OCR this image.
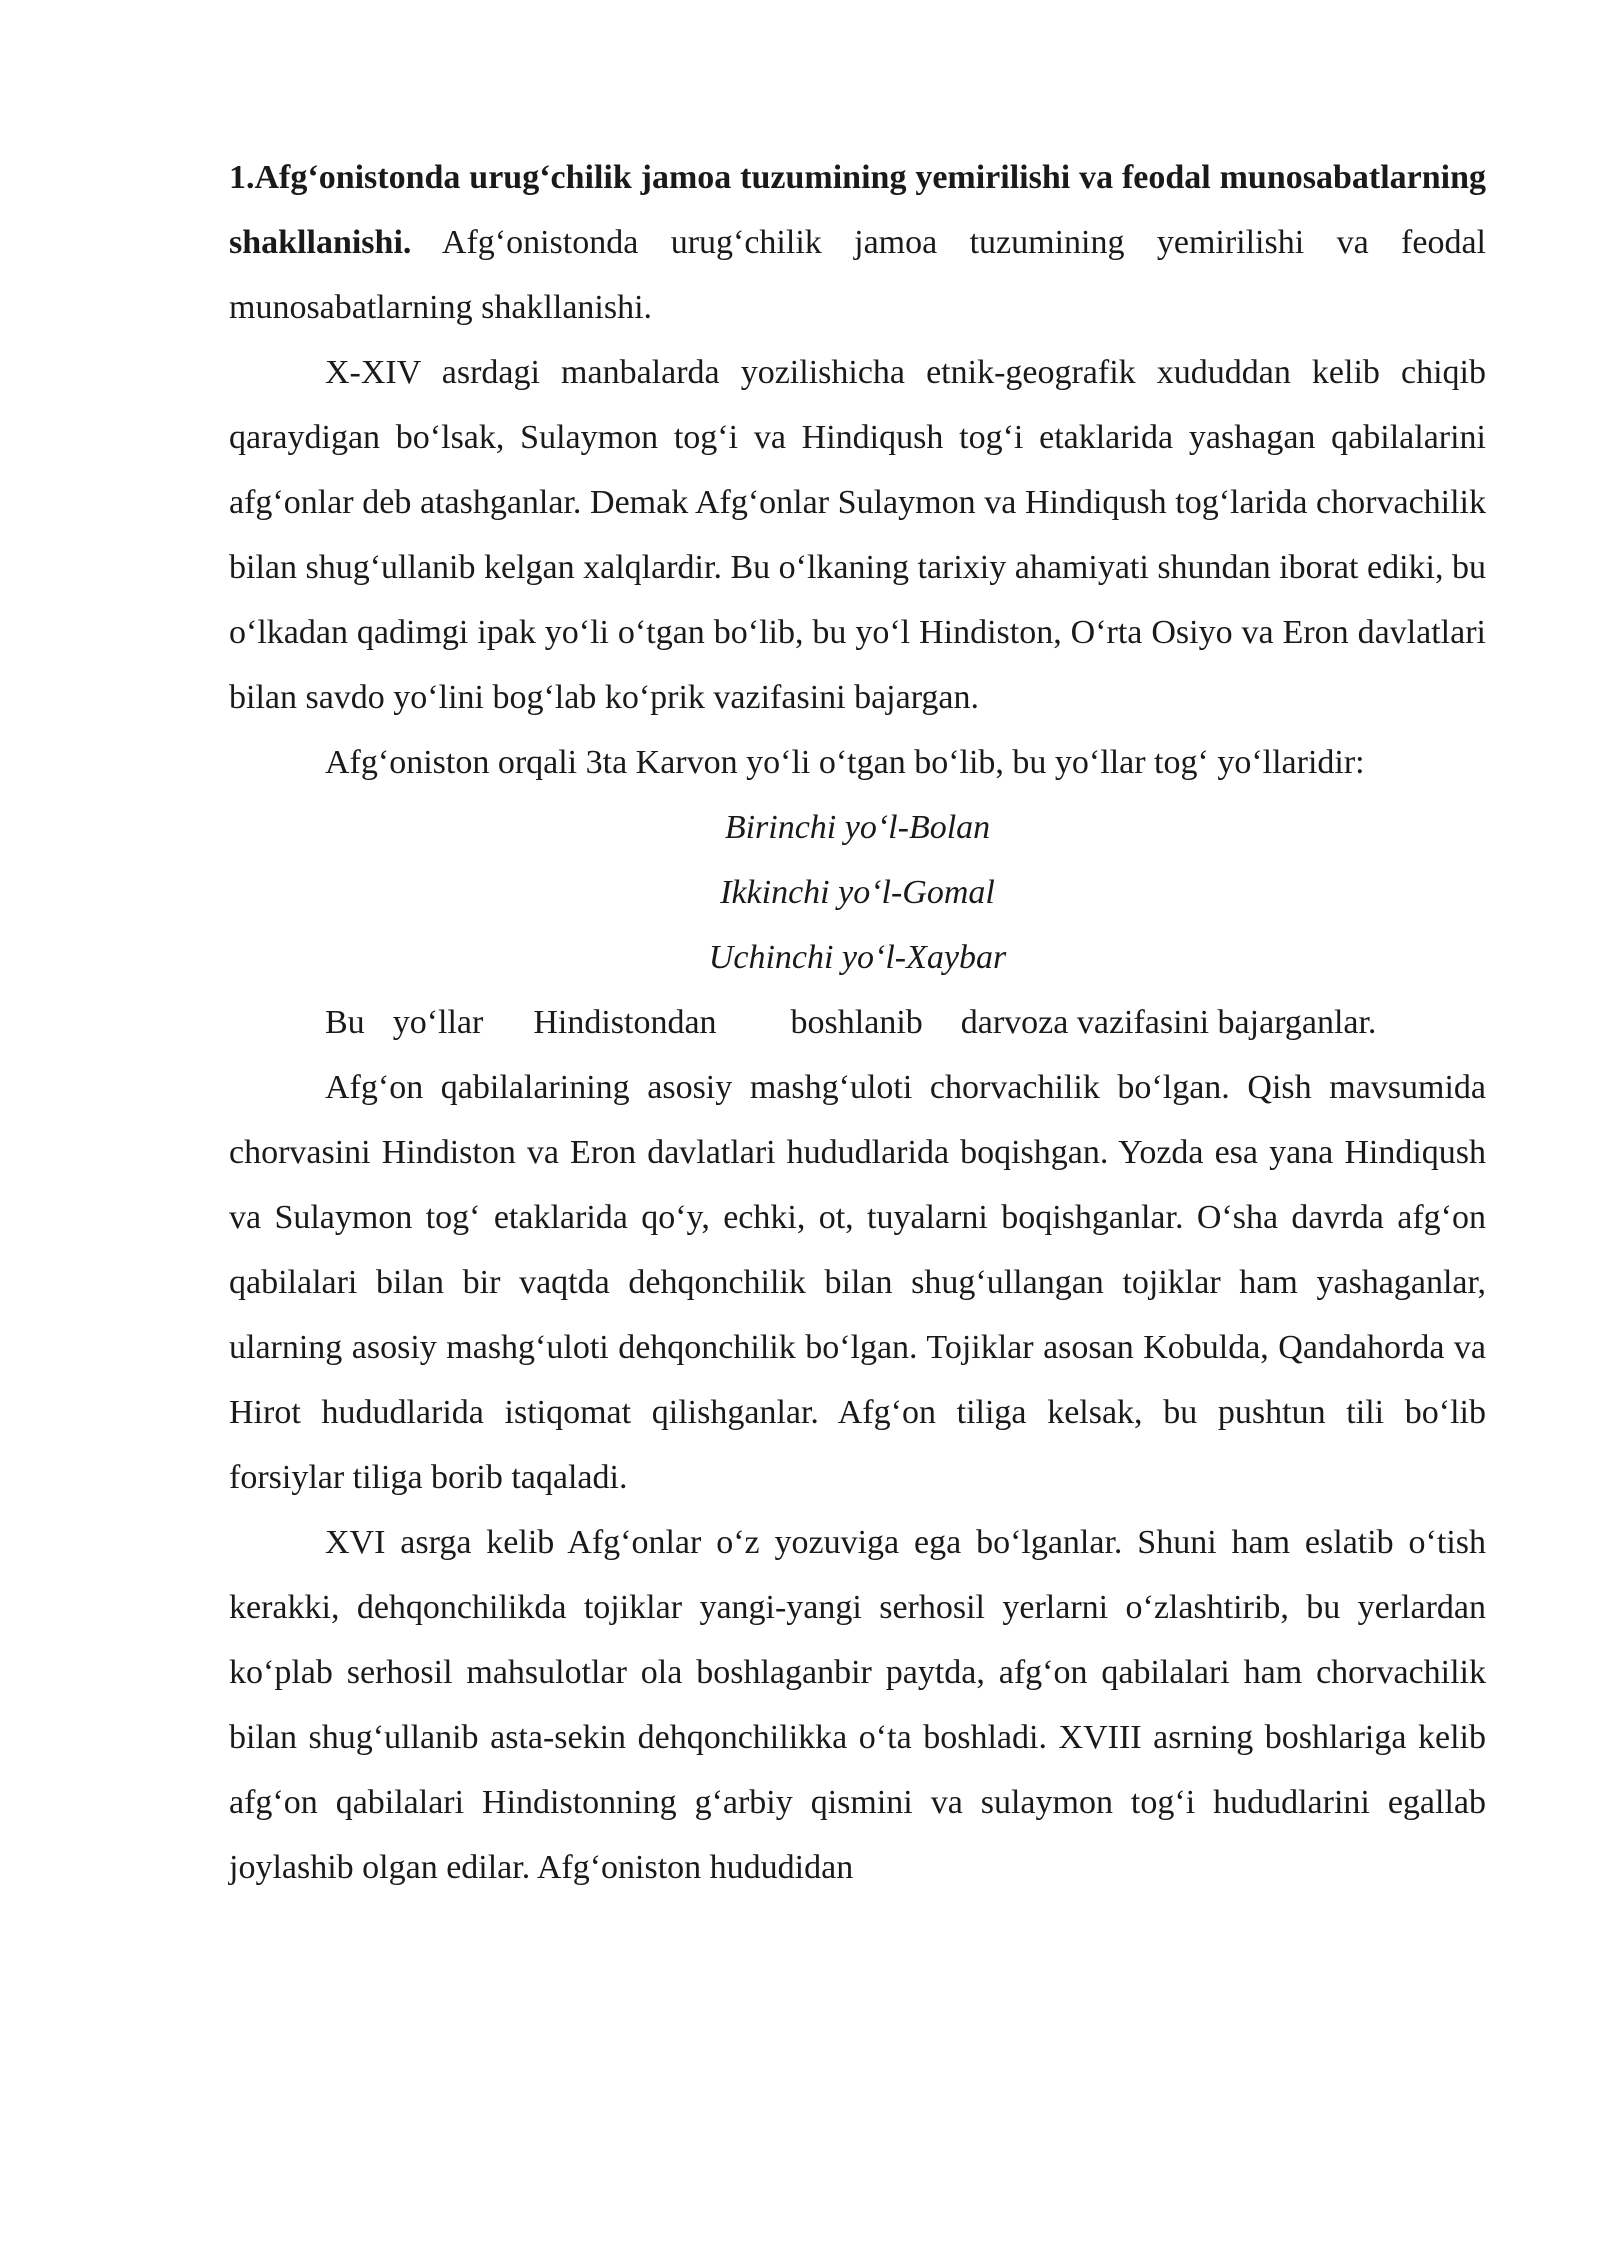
1.Afg‘onistonda urug‘chilik jamoa tuzumining yemirilishi va feodal munosabatlarning shakllanishi. Afg‘onistonda urug‘chilik jamoa tuzumining yemirilishi va feodal munosabatlarning shakllanishi.

X-XIV asrdagi manbalarda yozilishicha etnik-geografik xududdan kelib chiqib qaraydigan bo‘lsak, Sulaymon tog‘i va Hindiqush tog‘i etaklarida yashagan qabilalarini afg‘onlar deb atashganlar. Demak Afg‘onlar Sulaymon va Hindiqush tog‘larida chorvachilik bilan shug‘ullanib kelgan xalqlardir. Bu o‘lkaning tarixiy ahamiyati shundan iborat ediki, bu o‘lkadan qadimgi ipak yo‘li o‘tgan bo‘lib, bu yo‘l Hindiston, O‘rta Osiyo va Eron davlatlari bilan savdo yo‘lini bog‘lab ko‘prik vazifasini bajargan.

Afg‘oniston orqali 3ta Karvon yo‘li o‘tgan bo‘lib, bu yo‘llar tog‘ yo‘llaridir:

Birinchi yo‘l-Bolan

Ikkinchi yo‘l-Gomal

Uchinchi yo‘l-Xaybar

Bu yo‘llar Hindistondan boshlanib darvoza vazifasini bajarganlar.

Afg‘on qabilalarining asosiy mashg‘uloti chorvachilik bo‘lgan. Qish mavsumida chorvasini Hindiston va Eron davlatlari hududlarida boqishgan. Yozda esa yana Hindiqush va Sulaymon tog‘ etaklarida qo‘y, echki, ot, tuyalarni boqishganlar. O‘sha davrda afg‘on qabilalari bilan bir vaqtda dehqonchilik bilan shug‘ullangan tojiklar ham yashaganlar, ularning asosiy mashg‘uloti dehqonchilik bo‘lgan. Tojiklar asosan Kobulda, Qandahorda va Hirot hududlarida istiqomat qilishganlar. Afg‘on tiliga kelsak, bu pushtun tili bo‘lib forsiylar tiliga borib taqaladi.

XVI asrga kelib Afg‘onlar o‘z yozuviga ega bo‘lganlar. Shuni ham eslatib o‘tish kerakki, dehqonchilikda tojiklar yangi-yangi serhosil yerlarni o‘zlashtirib, bu yerlardan ko‘plab serhosil mahsulotlar ola boshlaganbir paytda, afg‘on qabilalari ham chorvachilik bilan shug‘ullanib asta-sekin dehqonchilikka o‘ta boshladi. XVIII asrning boshlariga kelib afg‘on qabilalari Hindistonning g‘arbiy qismini va sulaymon tog‘i hududlarini egallab joylashib olgan edilar. Afg‘oniston hududidan
